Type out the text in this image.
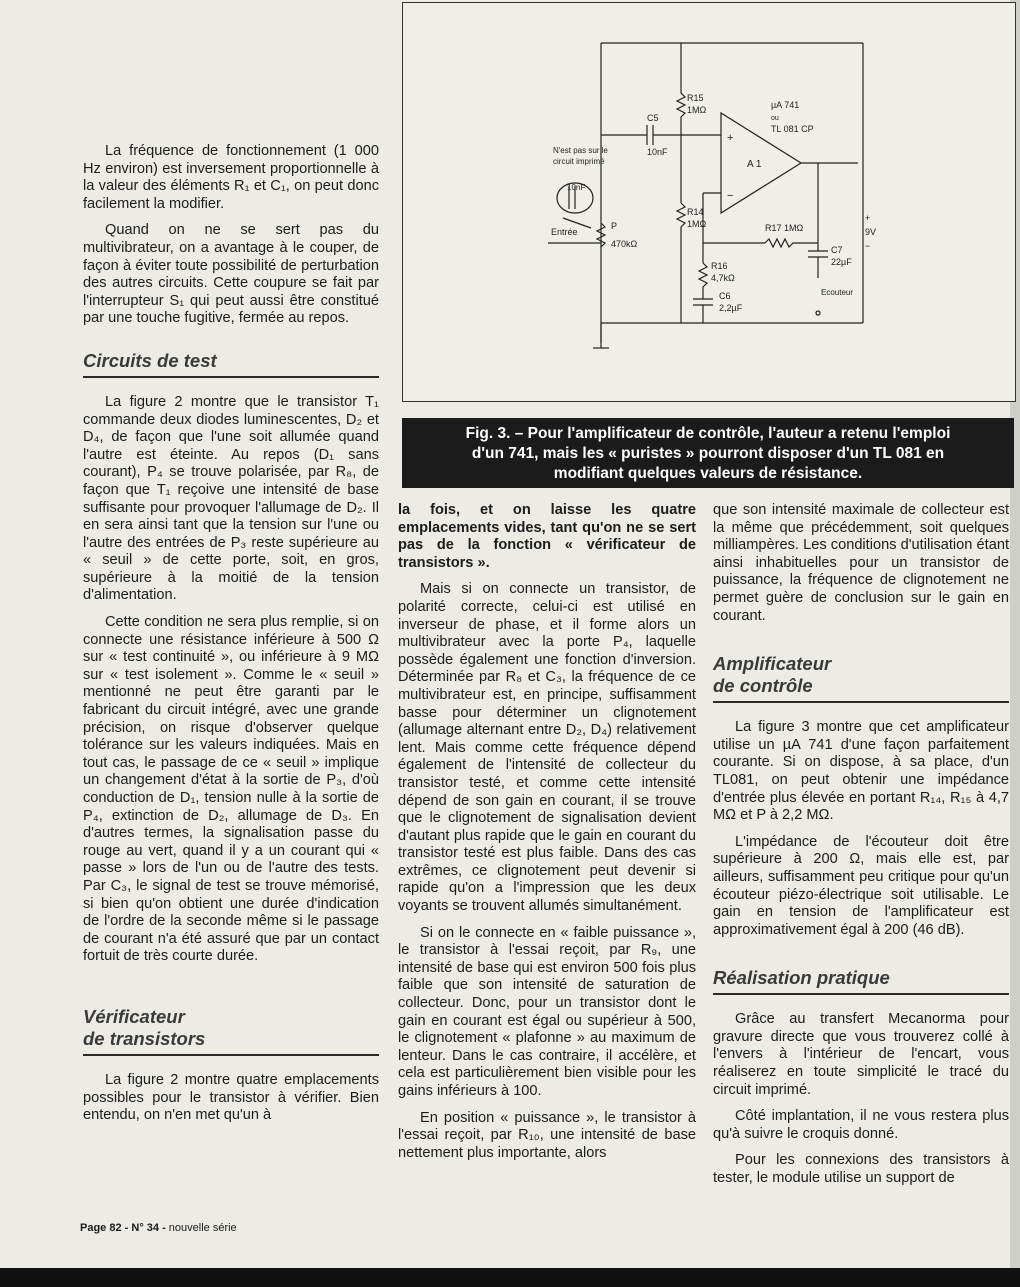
La fréquence de fonctionnement (1 000 Hz environ) est inversement proportionnelle à la valeur des éléments R₁ et C₁, on peut donc facilement la modifier.

Quand on ne se sert pas du multivibrateur, on a avantage à le couper, de façon à éviter toute possibilité de perturbation des autres circuits. Cette coupure se fait par l'interrupteur S₁ qui peut aussi être constitué par une touche fugitive, fermée au repos.

Circuits de test

La figure 2 montre que le transistor T₁ commande deux diodes luminescentes, D₂ et D₄, de façon que l'une soit allumée quand l'autre est éteinte. Au repos (D₁ sans courant), P₄ se trouve polarisée, par R₈, de façon que T₁ reçoive une intensité de base suffisante pour provoquer l'allumage de D₂. Il en sera ainsi tant que la tension sur l'une ou l'autre des entrées de P₃ reste supérieure au « seuil » de cette porte, soit, en gros, supérieure à la moitié de la tension d'alimentation.

Cette condition ne sera plus remplie, si on connecte une résistance inférieure à 500 Ω sur « test continuité », ou inférieure à 9 MΩ sur « test isolement ». Comme le « seuil » mentionné ne peut être garanti par le fabricant du circuit intégré, avec une grande précision, on risque d'observer quelque tolérance sur les valeurs indiquées. Mais en tout cas, le passage de ce « seuil » implique un changement d'état à la sortie de P₃, d'où conduction de D₁, tension nulle à la sortie de P₄, extinction de D₂, allumage de D₃. En d'autres termes, la signalisation passe du rouge au vert, quand il y a un courant qui « passe » lors de l'un ou de l'autre des tests. Par C₃, le signal de test se trouve mémorisé, si bien qu'on obtient une durée d'indication de l'ordre de la seconde même si le passage de courant n'a été assuré que par un contact fortuit de très courte durée.

Vérificateur
de transistors

La figure 2 montre quatre emplacements possibles pour le transistor à vérifier. Bien entendu, on n'en met qu'un à

Page 82 - N° 34 - nouvelle série
R15
1MΩ
C5
10nF
µA 741
ou
TL 081 CP
N'est pas sur le
circuit imprimé
10nF
Entrée
P
470kΩ
R14
1MΩ
A 1
+
−
R17 1MΩ
C7
22µF
+
9V
−
R16
4,7kΩ
Ecouteur
C6
2,2µF
Fig. 3. – Pour l'amplificateur de contrôle, l'auteur a retenu l'emploi
d'un 741, mais les « puristes » pourront disposer d'un TL 081 en
modifiant quelques valeurs de résistance.

la fois, et on laisse les quatre emplacements vides, tant qu'on ne se sert pas de la fonction « vérificateur de transistors ».

Mais si on connecte un transistor, de polarité correcte, celui-ci est utilisé en inverseur de phase, et il forme alors un multivibrateur avec la porte P₄, laquelle possède également une fonction d'inversion. Déterminée par R₈ et C₃, la fréquence de ce multivibrateur est, en principe, suffisamment basse pour déterminer un clignotement (allumage alternant entre D₂, D₄) relativement lent. Mais comme cette fréquence dépend également de l'intensité de collecteur du transistor testé, et comme cette intensité dépend de son gain en courant, il se trouve que le clignotement de signalisation devient d'autant plus rapide que le gain en courant du transistor testé est plus faible. Dans des cas extrêmes, ce clignotement peut devenir si rapide qu'on a l'impression que les deux voyants se trouvent allumés simultanément.

Si on le connecte en « faible puissance », le transistor à l'essai reçoit, par R₉, une intensité de base qui est environ 500 fois plus faible que son intensité de saturation de collecteur. Donc, pour un transistor dont le gain en courant est égal ou supérieur à 500, le clignotement « plafonne » au maximum de lenteur. Dans le cas contraire, il accélère, et cela est particulièrement bien visible pour les gains inférieurs à 100.

En position « puissance », le transistor à l'essai reçoit, par R₁₀, une intensité de base nettement plus importante, alors

que son intensité maximale de collecteur est la même que précédemment, soit quelques milliampères. Les conditions d'utilisation étant ainsi inhabituelles pour un transistor de puissance, la fréquence de clignotement ne permet guère de conclusion sur le gain en courant.

Amplificateur
de contrôle

La figure 3 montre que cet amplificateur utilise un µA 741 d'une façon parfaitement courante. Si on dispose, à sa place, d'un TL081, on peut obtenir une impédance d'entrée plus élevée en portant R₁₄, R₁₅ à 4,7 MΩ et P à 2,2 MΩ.

L'impédance de l'écouteur doit être supérieure à 200 Ω, mais elle est, par ailleurs, suffisamment peu critique pour qu'un écouteur piézo-électrique soit utilisable. Le gain en tension de l'amplificateur est approximativement égal à 200 (46 dB).

Réalisation pratique

Grâce au transfert Mecanorma pour gravure directe que vous trouverez collé à l'envers à l'intérieur de l'encart, vous réaliserez en toute simplicité le tracé du circuit imprimé.

Côté implantation, il ne vous restera plus qu'à suivre le croquis donné.

Pour les connexions des transistors à tester, le module utilise un support de
